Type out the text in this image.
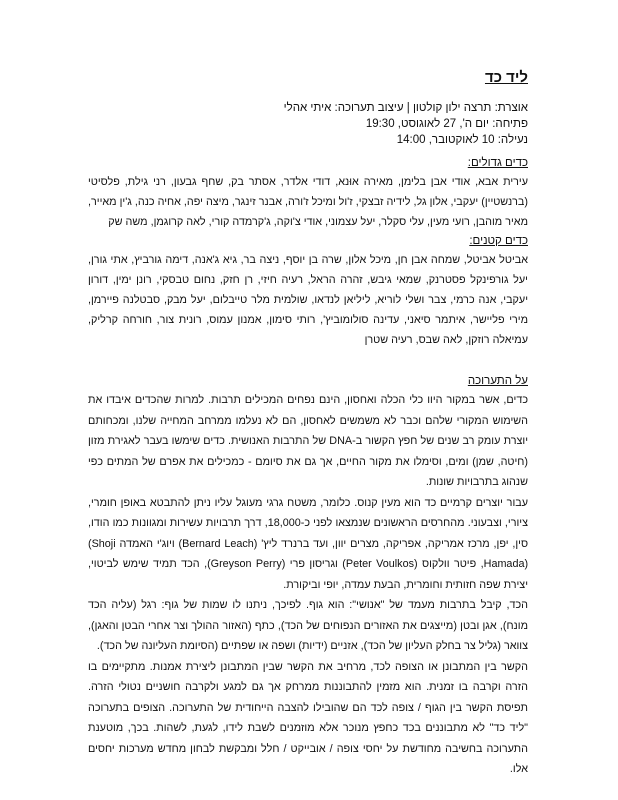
ליד כד
אוצרת: תרצה ילון קולטון | עיצוב תערוכה: איתי אהלי
פתיחה: יום ה', 27 לאוגוסט, 19:30
נעילה: 10 לאוקטובר, 14:00
כדים גדולים:
עירית אבא, אודי אבן בלימן, מאירה אוּנא, דודי אלדר, אסתר בק, שחף גבעון, רני גילת, פלסיטי (ברנשטיין) יעקבי, אלון גל, לידיה זבצקי, ז'ול ומיכל ז'ורה, אבנר זינגר, מיצה יפה, אחיה כנה, ג'ין מאייר, מאיר מוהבן, רועי מעין, עלי סקלר, יעל עצמוני, אודי צ'וקה, ג'קרמדה קורי, לאה קרוגמן, משה שק
כדים קטנים:
אביטל אביטל, שמחה אבן חן, מיכל אלון, שרה בן יוסף, ניצה בר, גיא ג'אנה, דימה גורביץ, אתי גורן, יעל גורפינקל פסטרנק, שמאי גיבש, זהרה הראל, רעיה חיזי, רן חזק, נחום טבסקי, רונן ימין, דורון יעקבי, אנה כרמי, צבר ושלי לוריא, ליליאן לנדאו, שולמית מלר טייבלום, יעל מבק, סבטלנה פיירמן, מירי פליישר, איתמר סיאני, עדינה סולומוביץ', רותי סימון, אמנון עמוס, רונית צור, חורחה קרליק, עמיאלה רוזקן, לאה שבס, רעיה שטרן
על התערוכה

כדים, אשר במקור היוו כלי הכלה ואחסון, הינם נפחים המכילים תרבות. למרות שהכדים איבדו את השימוש המקורי שלהם וכבר לא משמשים לאחסון, הם לא נעלמו ממרחב המחייה שלנו, ומכחותם יוצרת עומק רב שנים של חפץ הקשור ב-DNA של התרבות האנושית. כדים שימשו בעבר לאגירת מזון (חיטה, שמן) ומים, וסימלו את מקור החיים, אך גם את סיומם - כמכילים את אפרם של המתים כפי שנהוג בתרבויות שונות.

עבור יוצרים קרמיים כד הוא מעין קנוס. כלומר, משטח גרגי מעוגל עליו ניתן להתבטא באופן חומרי, ציורי, וצבעוני. מהחרסים הראשונים שנמצאו לפני כ-18,000, דרך תרבויות עשירות ומגוונות כמו הודו, סין, יפן, מרכז אמריקה, אפריקה, מצרים יוון, ועד ברנרד ליץ' (Bernard Leach) ויוג'י האמדה (Shoji Hamada), פיטר וולקוס (Peter Voulkos) וגריסון פרי (Greyson Perry), הכד תמיד שימש לביטוי, יצירת שפה חזותית וחומרית, הבעת עמדה, יופי וביקורת.

הכד, קיבל בתרבות מעמד של "אנושי": הוא גוף. לפיכך, ניתנו לו שמות של גוף: רגל (עליה הכד מונח), אגן ובטן (מייצגים את האזורים הנפוחים של הכד), כתף (האזור ההולך וצר אחרי הבטן והאגן), צוואר (גליל צר בחלק העליון של הכד), אזניים (ידיות) ושפה או שפתיים (הסיומת העליונה של הכד).

הקשר בין המתבונן או הצופה לכד, מרחיב את הקשר שבין המתבונן ליצירת אמנות. מתקיימים בו הזרה וקרבה בו זמנית. הוא מזמין להתבוננות ממרחק אך גם למגע ולקרבה חושניים נטולי הזרה. תפיסת הקשר בין הגוף / צופה לכד הם שהובילו להצבה הייחודית של התערוכה. הצופים בתערוכה "ליד כד" לא מתבוננים בכד כחפץ מנוכר אלא מוזמנים לשבת לידו, לגעת, לשהות. בכך, מוטענת התערוכה בחשיבה מחודשת על יחסי צופה / אובייקט / חלל ומבקשת לבחון מחדש מערכות יחסים אלו.
